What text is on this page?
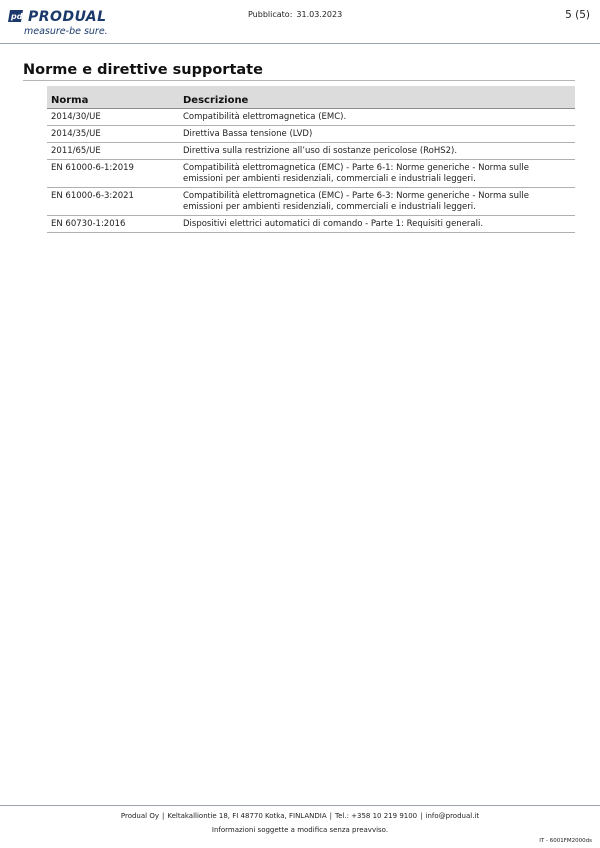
pd PRODUAL
measure-be sure.
Pubblicato: 31.03.2023	5 (5)
Norme e direttive supportate
Norma	Descrizione
2014/30/UE	Compatibilità elettromagnetica (EMC).
2014/35/UE	Direttiva Bassa tensione (LVD)
2011/65/UE	Direttiva sulla restrizione all’uso di sostanze pericolose (RoHS2).
EN 61000-6-1:2019	Compatibilità elettromagnetica (EMC) - Parte 6-1: Norme generiche - Norma sulle emissioni per ambienti residenziali, commerciali e industriali leggeri.
EN 61000-6-3:2021	Compatibilità elettromagnetica (EMC) - Parte 6-3: Norme generiche - Norma sulle emissioni per ambienti residenziali, commerciali e industriali leggeri.
EN 60730-1:2016	Dispositivi elettrici automatici di comando - Parte 1: Requisiti generali.
Produal Oy | Keltakalliontie 18, FI 48770 Kotka, FINLANDIA | Tel.: +358 10 219 9100 | info@produal.it
Informazioni soggette a modifica senza preavviso.
IT - 6001FM2000ds
